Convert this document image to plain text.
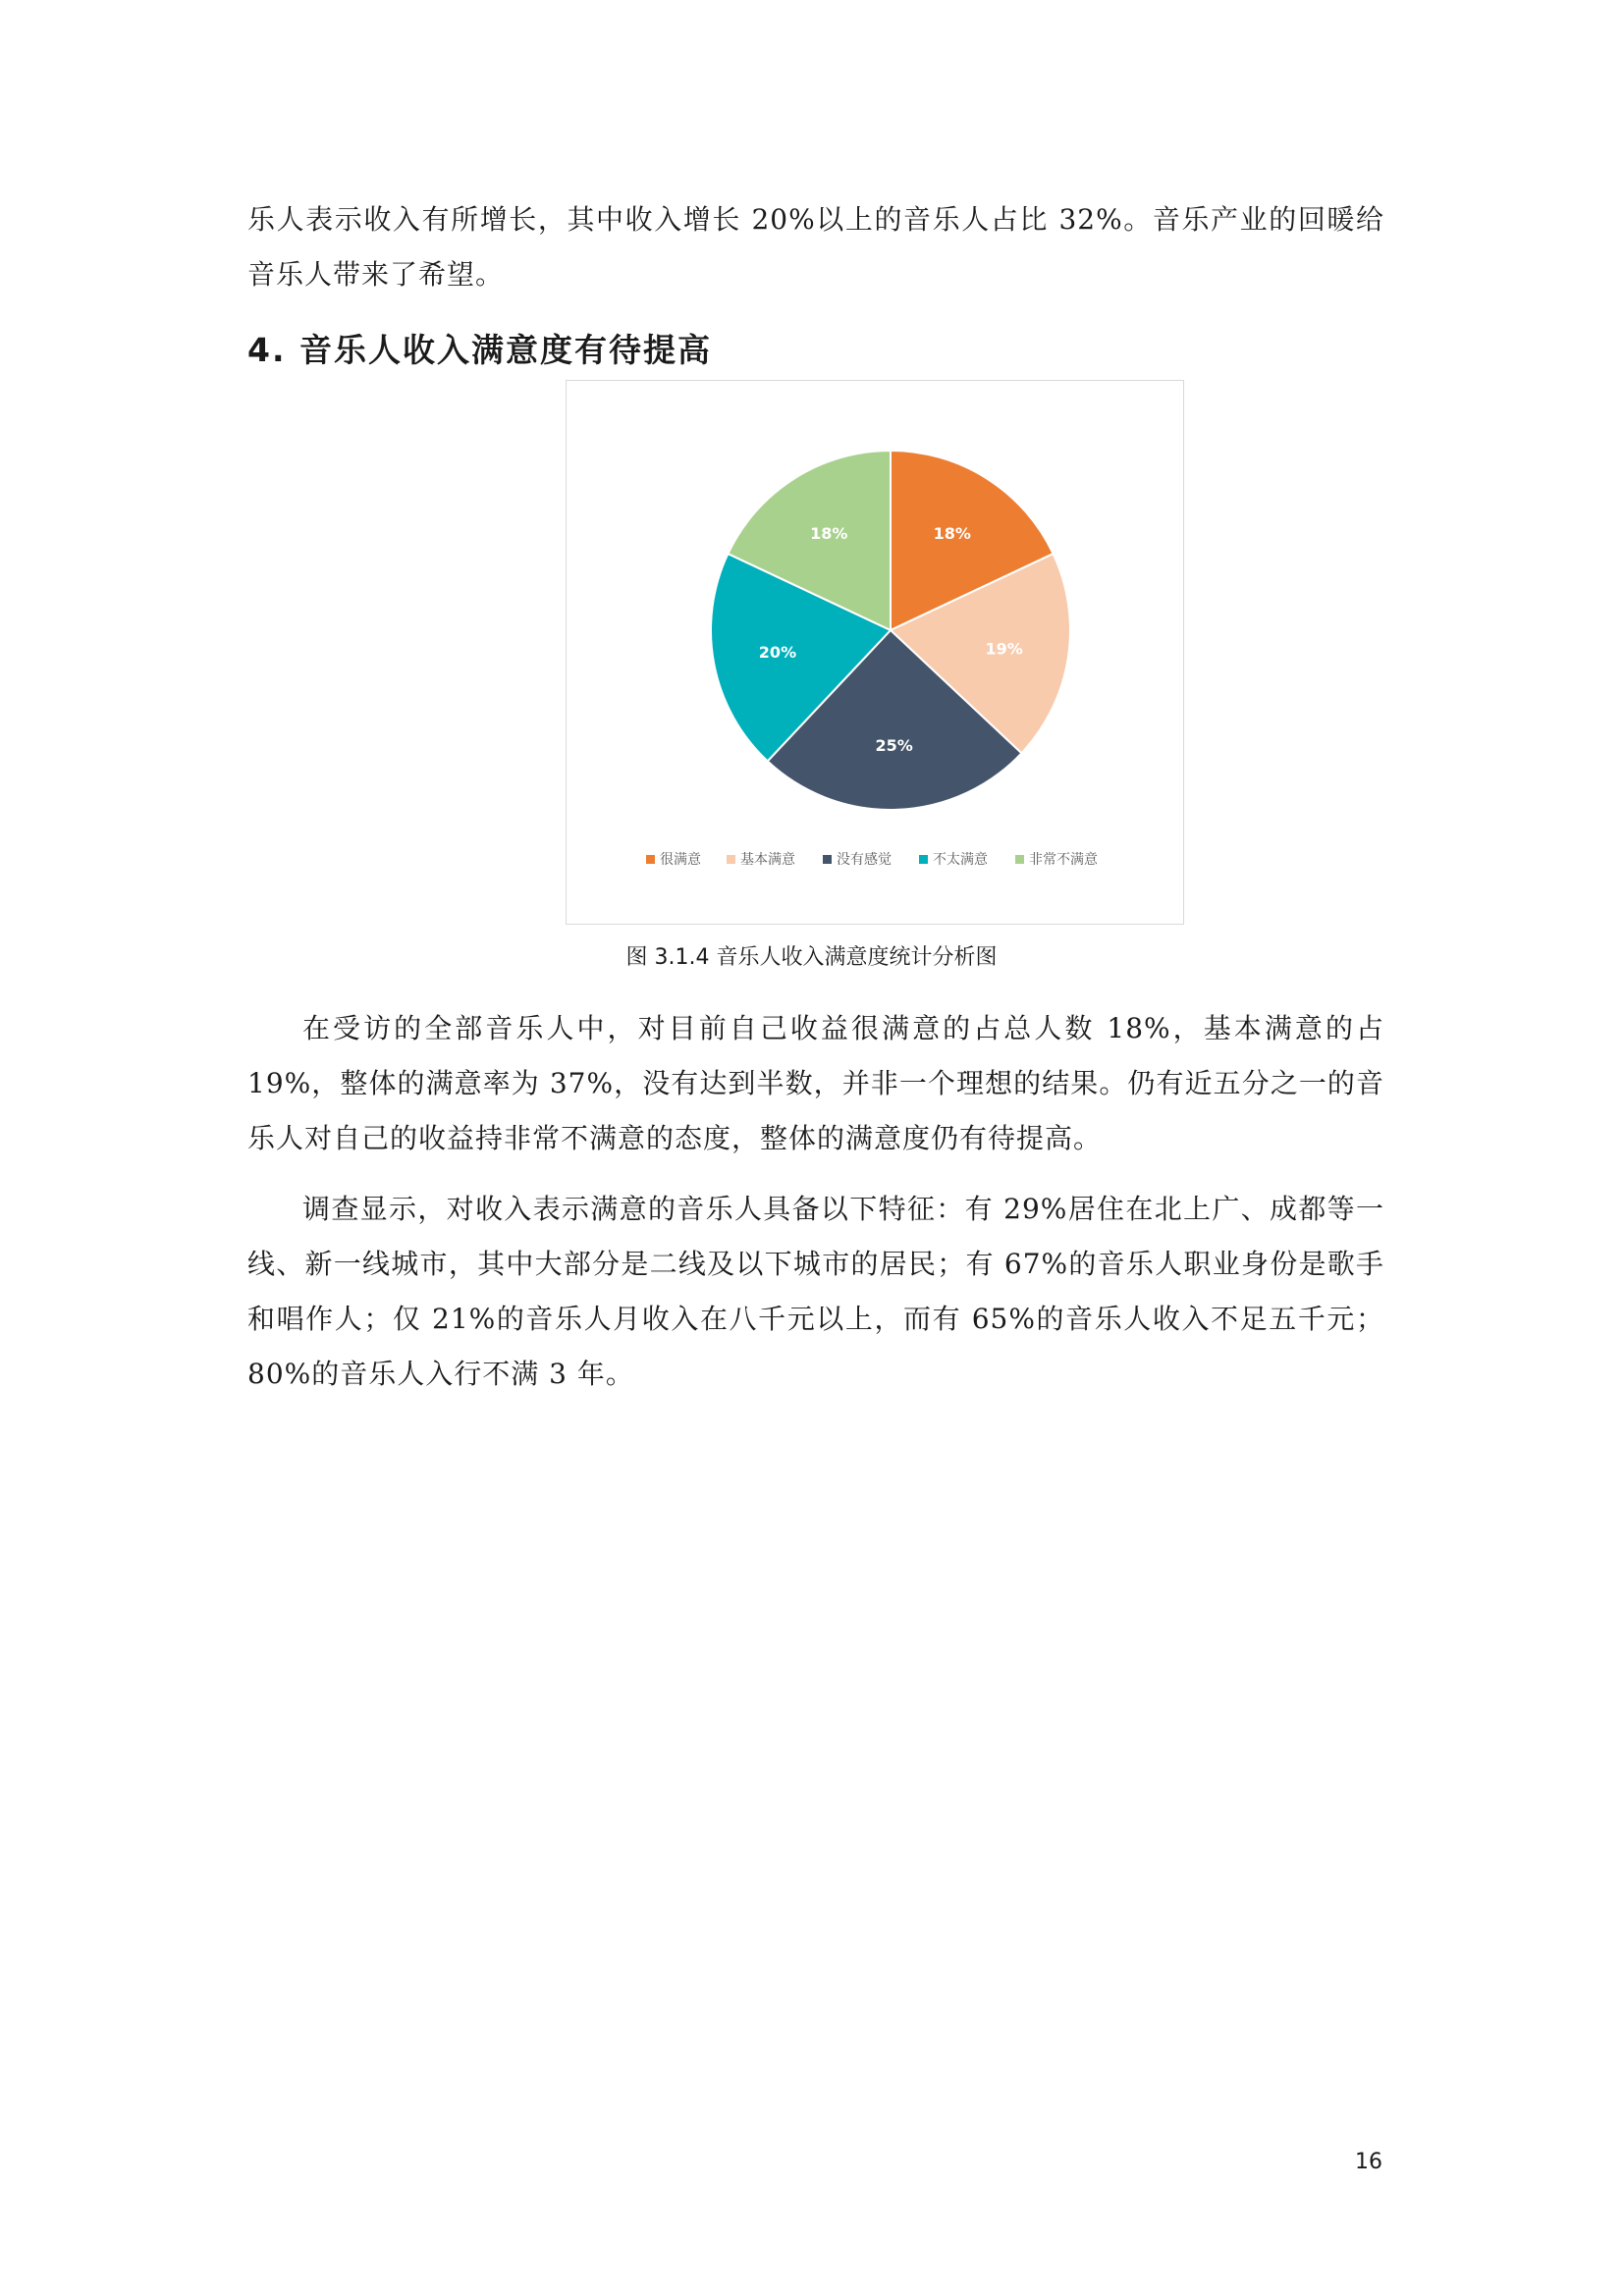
乐人表示收入有所增长，其中收入增长 20%以上的音乐人占比 32%。音乐产业的回暖给音乐人带来了希望。

4. 音乐人收入满意度有待提高
18%
19%
25%
20%
18%
很满意	基本满意	没有感觉	不太满意	非常不满意
图 3.1.4 音乐人收入满意度统计分析图

在受访的全部音乐人中，对目前自己收益很满意的占总人数 18%，基本满意的占 19%，整体的满意率为 37%，没有达到半数，并非一个理想的结果。仍有近五分之一的音乐人对自己的收益持非常不满意的态度，整体的满意度仍有待提高。

调查显示，对收入表示满意的音乐人具备以下特征：有 29%居住在北上广、成都等一线、新一线城市，其中大部分是二线及以下城市的居民；有 67%的音乐人职业身份是歌手和唱作人；仅 21%的音乐人月收入在八千元以上，而有 65%的音乐人收入不足五千元；80%的音乐人入行不满 3 年。

16
